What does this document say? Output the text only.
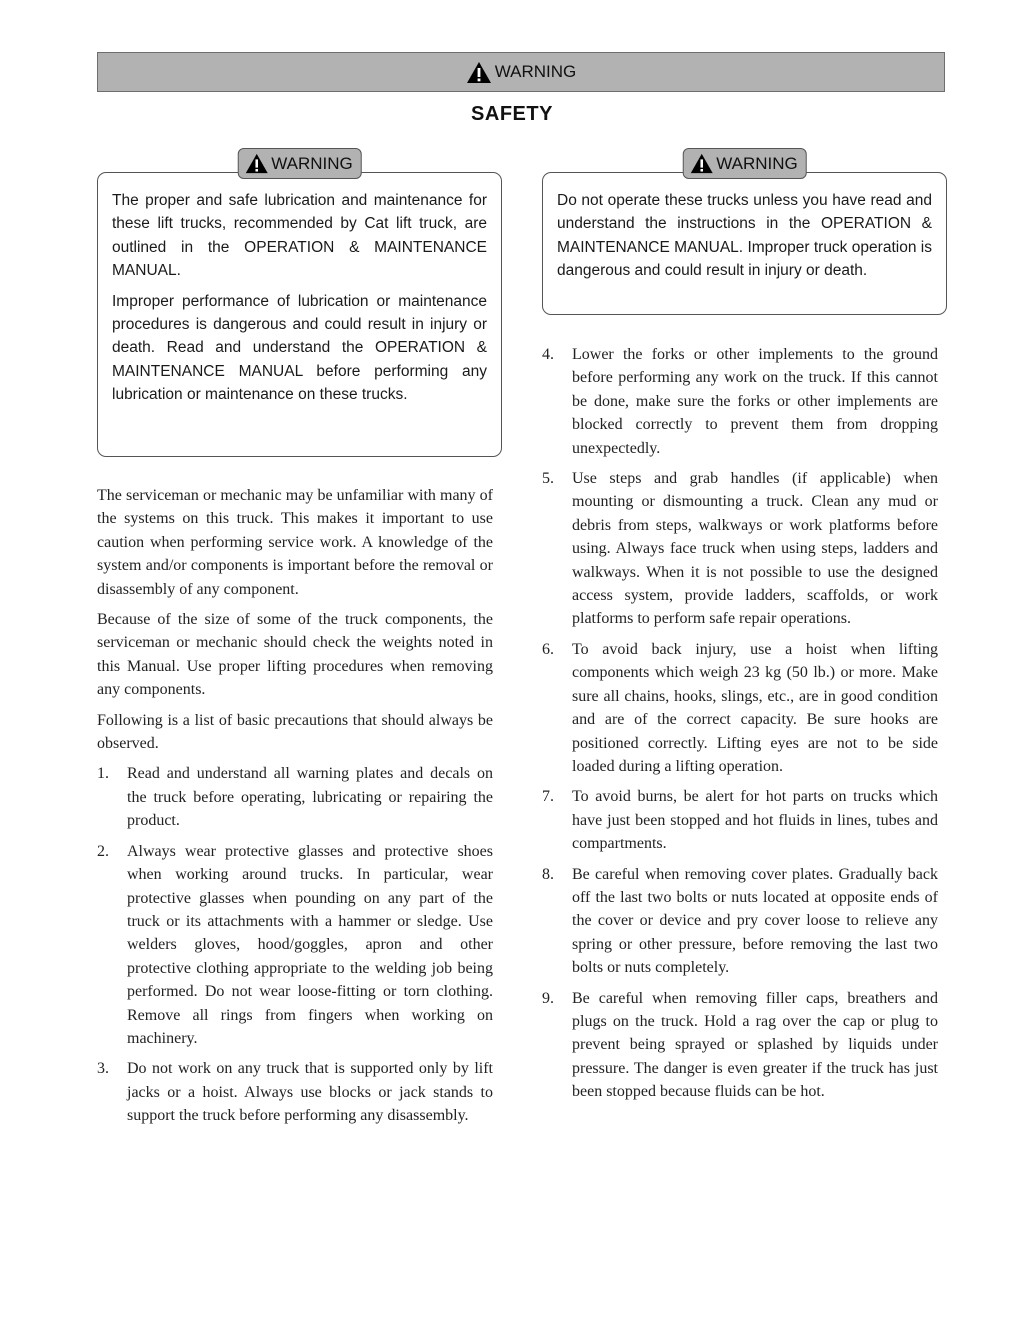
WARNING
SAFETY
WARNING

The proper and safe lubrication and maintenance for these lift trucks, recommended by Cat lift truck, are outlined in the OPERATION & MAINTENANCE MANUAL.

Improper performance of lubrication or maintenance procedures is dangerous and could result in injury or death. Read and understand the OPERATION & MAINTENANCE MANUAL before performing any lubrication or maintenance on these trucks.

WARNING

Do not operate these trucks unless you have read and understand the instructions in the OPERATION & MAINTENANCE MANUAL. Improper truck operation is dangerous and could result in injury or death.

The serviceman or mechanic may be unfamiliar with many of the systems on this truck. This makes it important to use caution when performing service work. A knowledge of the system and/or components is important before the removal or disassembly of any component.

Because of the size of some of the truck components, the serviceman or mechanic should check the weights noted in this Manual. Use proper lifting procedures when removing any components.

Following is a list of basic precautions that should always be observed.

1.	Read and understand all warning plates and decals on the truck before operating, lubricating or repairing the product.
2.	Always wear protective glasses and protective shoes when working around trucks. In particular, wear protective glasses when pounding on any part of the truck or its attachments with a hammer or sledge. Use welders gloves, hood/goggles, apron and other protective clothing appropriate to the welding job being performed. Do not wear loose-fitting or torn clothing. Remove all rings from fingers when working on machinery.
3.	Do not work on any truck that is supported only by lift jacks or a hoist. Always use blocks or jack stands to support the truck before performing any disassembly.
4.	Lower the forks or other implements to the ground before performing any work on the truck. If this cannot be done, make sure the forks or other implements are blocked correctly to prevent them from dropping unexpectedly.
5.	Use steps and grab handles (if applicable) when mounting or dismounting a truck. Clean any mud or debris from steps, walkways or work platforms before using. Always face truck when using steps, ladders and walkways. When it is not possible to use the designed access system, provide ladders, scaffolds, or work platforms to perform safe repair operations.
6.	To avoid back injury, use a hoist when lifting components which weigh 23 kg (50 lb.) or more. Make sure all chains, hooks, slings, etc., are in good condition and are of the correct capacity. Be sure hooks are positioned correctly. Lifting eyes are not to be side loaded during a lifting operation.
7.	To avoid burns, be alert for hot parts on trucks which have just been stopped and hot fluids in lines, tubes and compartments.
8.	Be careful when removing cover plates. Gradually back off the last two bolts or nuts located at opposite ends of the cover or device and pry cover loose to relieve any spring or other pressure, before removing the last two bolts or nuts completely.
9.	Be careful when removing filler caps, breathers and plugs on the truck. Hold a rag over the cap or plug to prevent being sprayed or splashed by liquids under pressure. The danger is even greater if the truck has just been stopped because fluids can be hot.
